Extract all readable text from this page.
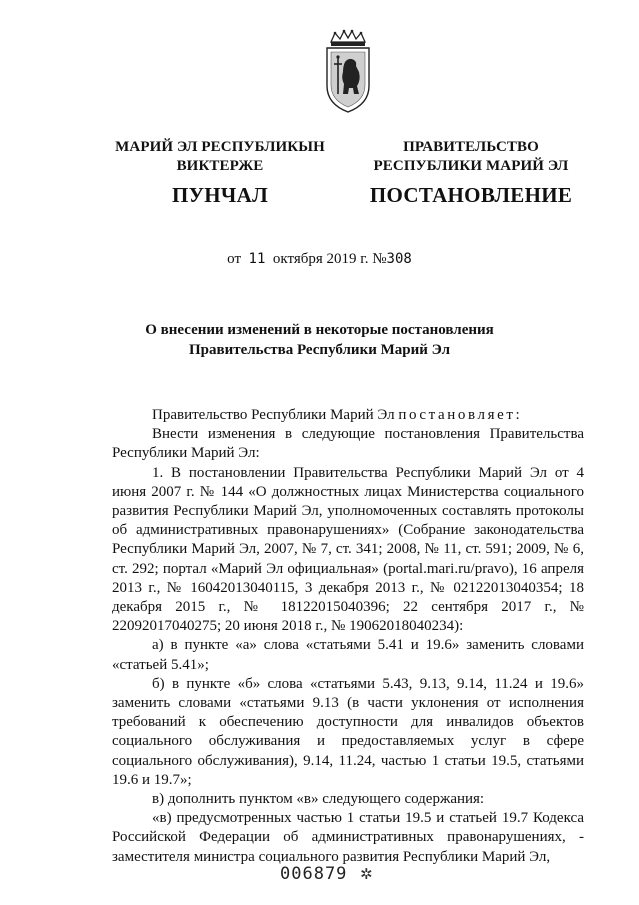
МАРИЙ ЭЛ РЕСПУБЛИКЫН
ВИКТЕРЖЕ
ПУНЧАЛ
ПРАВИТЕЛЬСТВО
РЕСПУБЛИКИ МАРИЙ ЭЛ
ПОСТАНОВЛЕНИЕ
от 11 октября 2019 г. №308
О внесении изменений в некоторые постановления
Правительства Республики Марий Эл

Правительство Республики Марий Эл постановляет:

Внести изменения в следующие постановления Правительства Республики Марий Эл:

1. В постановлении Правительства Республики Марий Эл от 4 июня 2007 г. № 144 «О должностных лицах Министерства социального развития Республики Марий Эл, уполномоченных составлять протоколы об административных правонарушениях» (Собрание законодательства Республики Марий Эл, 2007, № 7, ст. 341; 2008, № 11, ст. 591; 2009, № 6, ст. 292; портал «Марий Эл официальная» (portal.mari.ru/pravo), 16 апреля 2013 г., № 16042013040115, 3 декабря 2013 г., № 02122013040354; 18 декабря 2015 г., № 18122015040396; 22 сентября 2017 г., № 22092017040275; 20 июня 2018 г., № 19062018040234):

а) в пункте «а» слова «статьями 5.41 и 19.6» заменить словами «статьей 5.41»;

б) в пункте «б» слова «статьями 5.43, 9.13, 9.14, 11.24 и 19.6» заменить словами «статьями 9.13 (в части уклонения от исполнения требований к обеспечению доступности для инвалидов объектов социального обслуживания и предоставляемых услуг в сфере социального обслуживания), 9.14, 11.24, частью 1 статьи 19.5, статьями 19.6 и 19.7»;

в) дополнить пунктом «в» следующего содержания:

«в) предусмотренных частью 1 статьи 19.5 и статьей 19.7 Кодекса Российской Федерации об административных правонарушениях, - заместителя министра социального развития Республики Марий Эл,

006879 ✲
